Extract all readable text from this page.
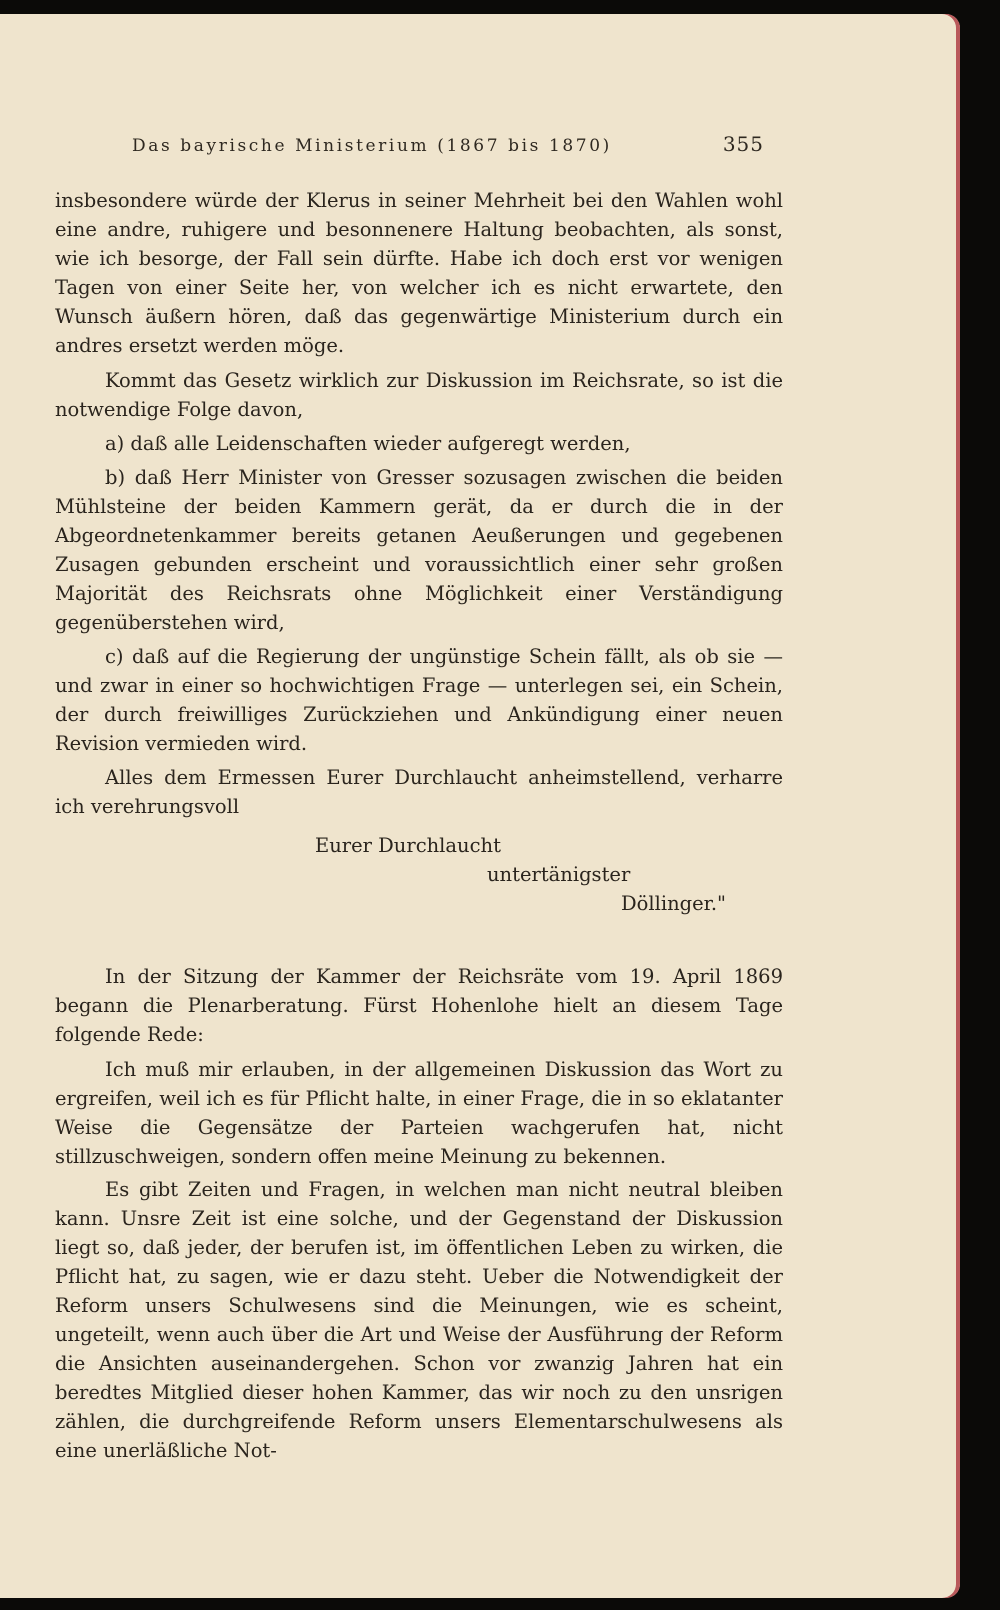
Das bayrische Ministerium (1867 bis 1870)	355

insbesondere würde der Klerus in seiner Mehrheit bei den Wahlen wohl eine andre, ruhigere und besonnenere Haltung beobachten, als sonst, wie ich besorge, der Fall sein dürfte. Habe ich doch erst vor wenigen Tagen von einer Seite her, von welcher ich es nicht erwartete, den Wunsch äußern hören, daß das gegenwärtige Ministerium durch ein andres ersetzt werden möge.

Kommt das Gesetz wirklich zur Diskussion im Reichsrate, so ist die notwendige Folge davon,

a) daß alle Leidenschaften wieder aufgeregt werden,

b) daß Herr Minister von Gresser sozusagen zwischen die beiden Mühlsteine der beiden Kammern gerät, da er durch die in der Abgeordnetenkammer bereits getanen Aeußerungen und gegebenen Zusagen gebunden erscheint und voraussichtlich einer sehr großen Majorität des Reichsrats ohne Möglichkeit einer Verständigung gegenüberstehen wird,

c) daß auf die Regierung der ungünstige Schein fällt, als ob sie — und zwar in einer so hochwichtigen Frage — unterlegen sei, ein Schein, der durch freiwilliges Zurückziehen und Ankündigung einer neuen Revision vermieden wird.

Alles dem Ermessen Eurer Durchlaucht anheimstellend, verharre ich verehrungsvoll

Eurer Durchlaucht
untertänigster
Döllinger."

In der Sitzung der Kammer der Reichsräte vom 19. April 1869 begann die Plenarberatung. Fürst Hohenlohe hielt an diesem Tage folgende Rede:

Ich muß mir erlauben, in der allgemeinen Diskussion das Wort zu ergreifen, weil ich es für Pflicht halte, in einer Frage, die in so eklatanter Weise die Gegensätze der Parteien wachgerufen hat, nicht stillzuschweigen, sondern offen meine Meinung zu bekennen.

Es gibt Zeiten und Fragen, in welchen man nicht neutral bleiben kann. Unsre Zeit ist eine solche, und der Gegenstand der Diskussion liegt so, daß jeder, der berufen ist, im öffentlichen Leben zu wirken, die Pflicht hat, zu sagen, wie er dazu steht. Ueber die Notwendigkeit der Reform unsers Schulwesens sind die Meinungen, wie es scheint, ungeteilt, wenn auch über die Art und Weise der Ausführung der Reform die Ansichten auseinandergehen. Schon vor zwanzig Jahren hat ein beredtes Mitglied dieser hohen Kammer, das wir noch zu den unsrigen zählen, die durchgreifende Reform unsers Elementarschulwesens als eine unerläßliche Not-
